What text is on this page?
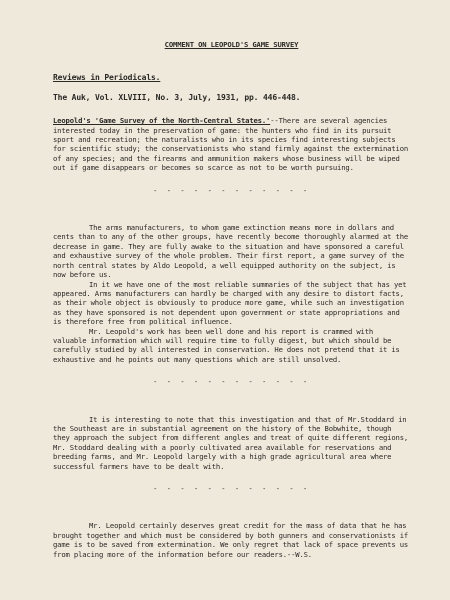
COMMENT ON LEOPOLD'S GAME SURVEY
Reviews in Periodicals.
The Auk, Vol. XLVIII, No. 3, July, 1931, pp. 446-448.

Leopold's 'Game Survey of the North-Central States.'--There are several agencies interested today in the preservation of game: the hunters who find in its pursuit sport and recreation; the naturalists who in its species find interesting subjects for scientific study; the conservationists who stand firmly against the extermination of any species; and the firearms and ammunition makers whose business will be wiped out if game disappears or becomes so scarce as not to be worth pursuing.

- - - - - - - - - - - -

The arms manufacturers, to whom game extinction means more in dollars and cents than to any of the other groups, have recently become thoroughly alarmed at the decrease in game. They are fully awake to the situation and have sponsored a careful and exhaustive survey of the whole problem. Their first report, a game survey of the north central states by Aldo Leopold, a well equipped authority on the subject, is now before us.

In it we have one of the most reliable summaries of the subject that has yet appeared. Arms manufacturers can hardly be charged with any desire to distort facts, as their whole object is obviously to produce more game, while such an investigation as they have sponsored is not dependent upon government or state appropriations and is therefore free from political influence.

Mr. Leopold's work has been well done and his report is crammed with valuable information which will require time to fully digest, but which should be carefully studied by all interested in conservation. He does not pretend that it is exhaustive and he points out many questions which are still unsolved.

- - - - - - - - - - - -

It is interesting to note that this investigation and that of Mr.Stoddard in the Southeast are in substantial agreement on the history of the Bobwhite, though they approach the subject from different angles and treat of quite different regions, Mr. Stoddard dealing with a poorly cultivated area available for reservations and breeding farms, and Mr. Leopold largely with a high grade agricultural area where successful farmers have to be dealt with.

- - - - - - - - - - - -

Mr. Leopold certainly deserves great credit for the mass of data that he has brought together and which must be considered by both gunners and conservationists if game is to be saved from extermination. We only regret that lack of space prevents us from placing more of the information before our readers.--W.S.
